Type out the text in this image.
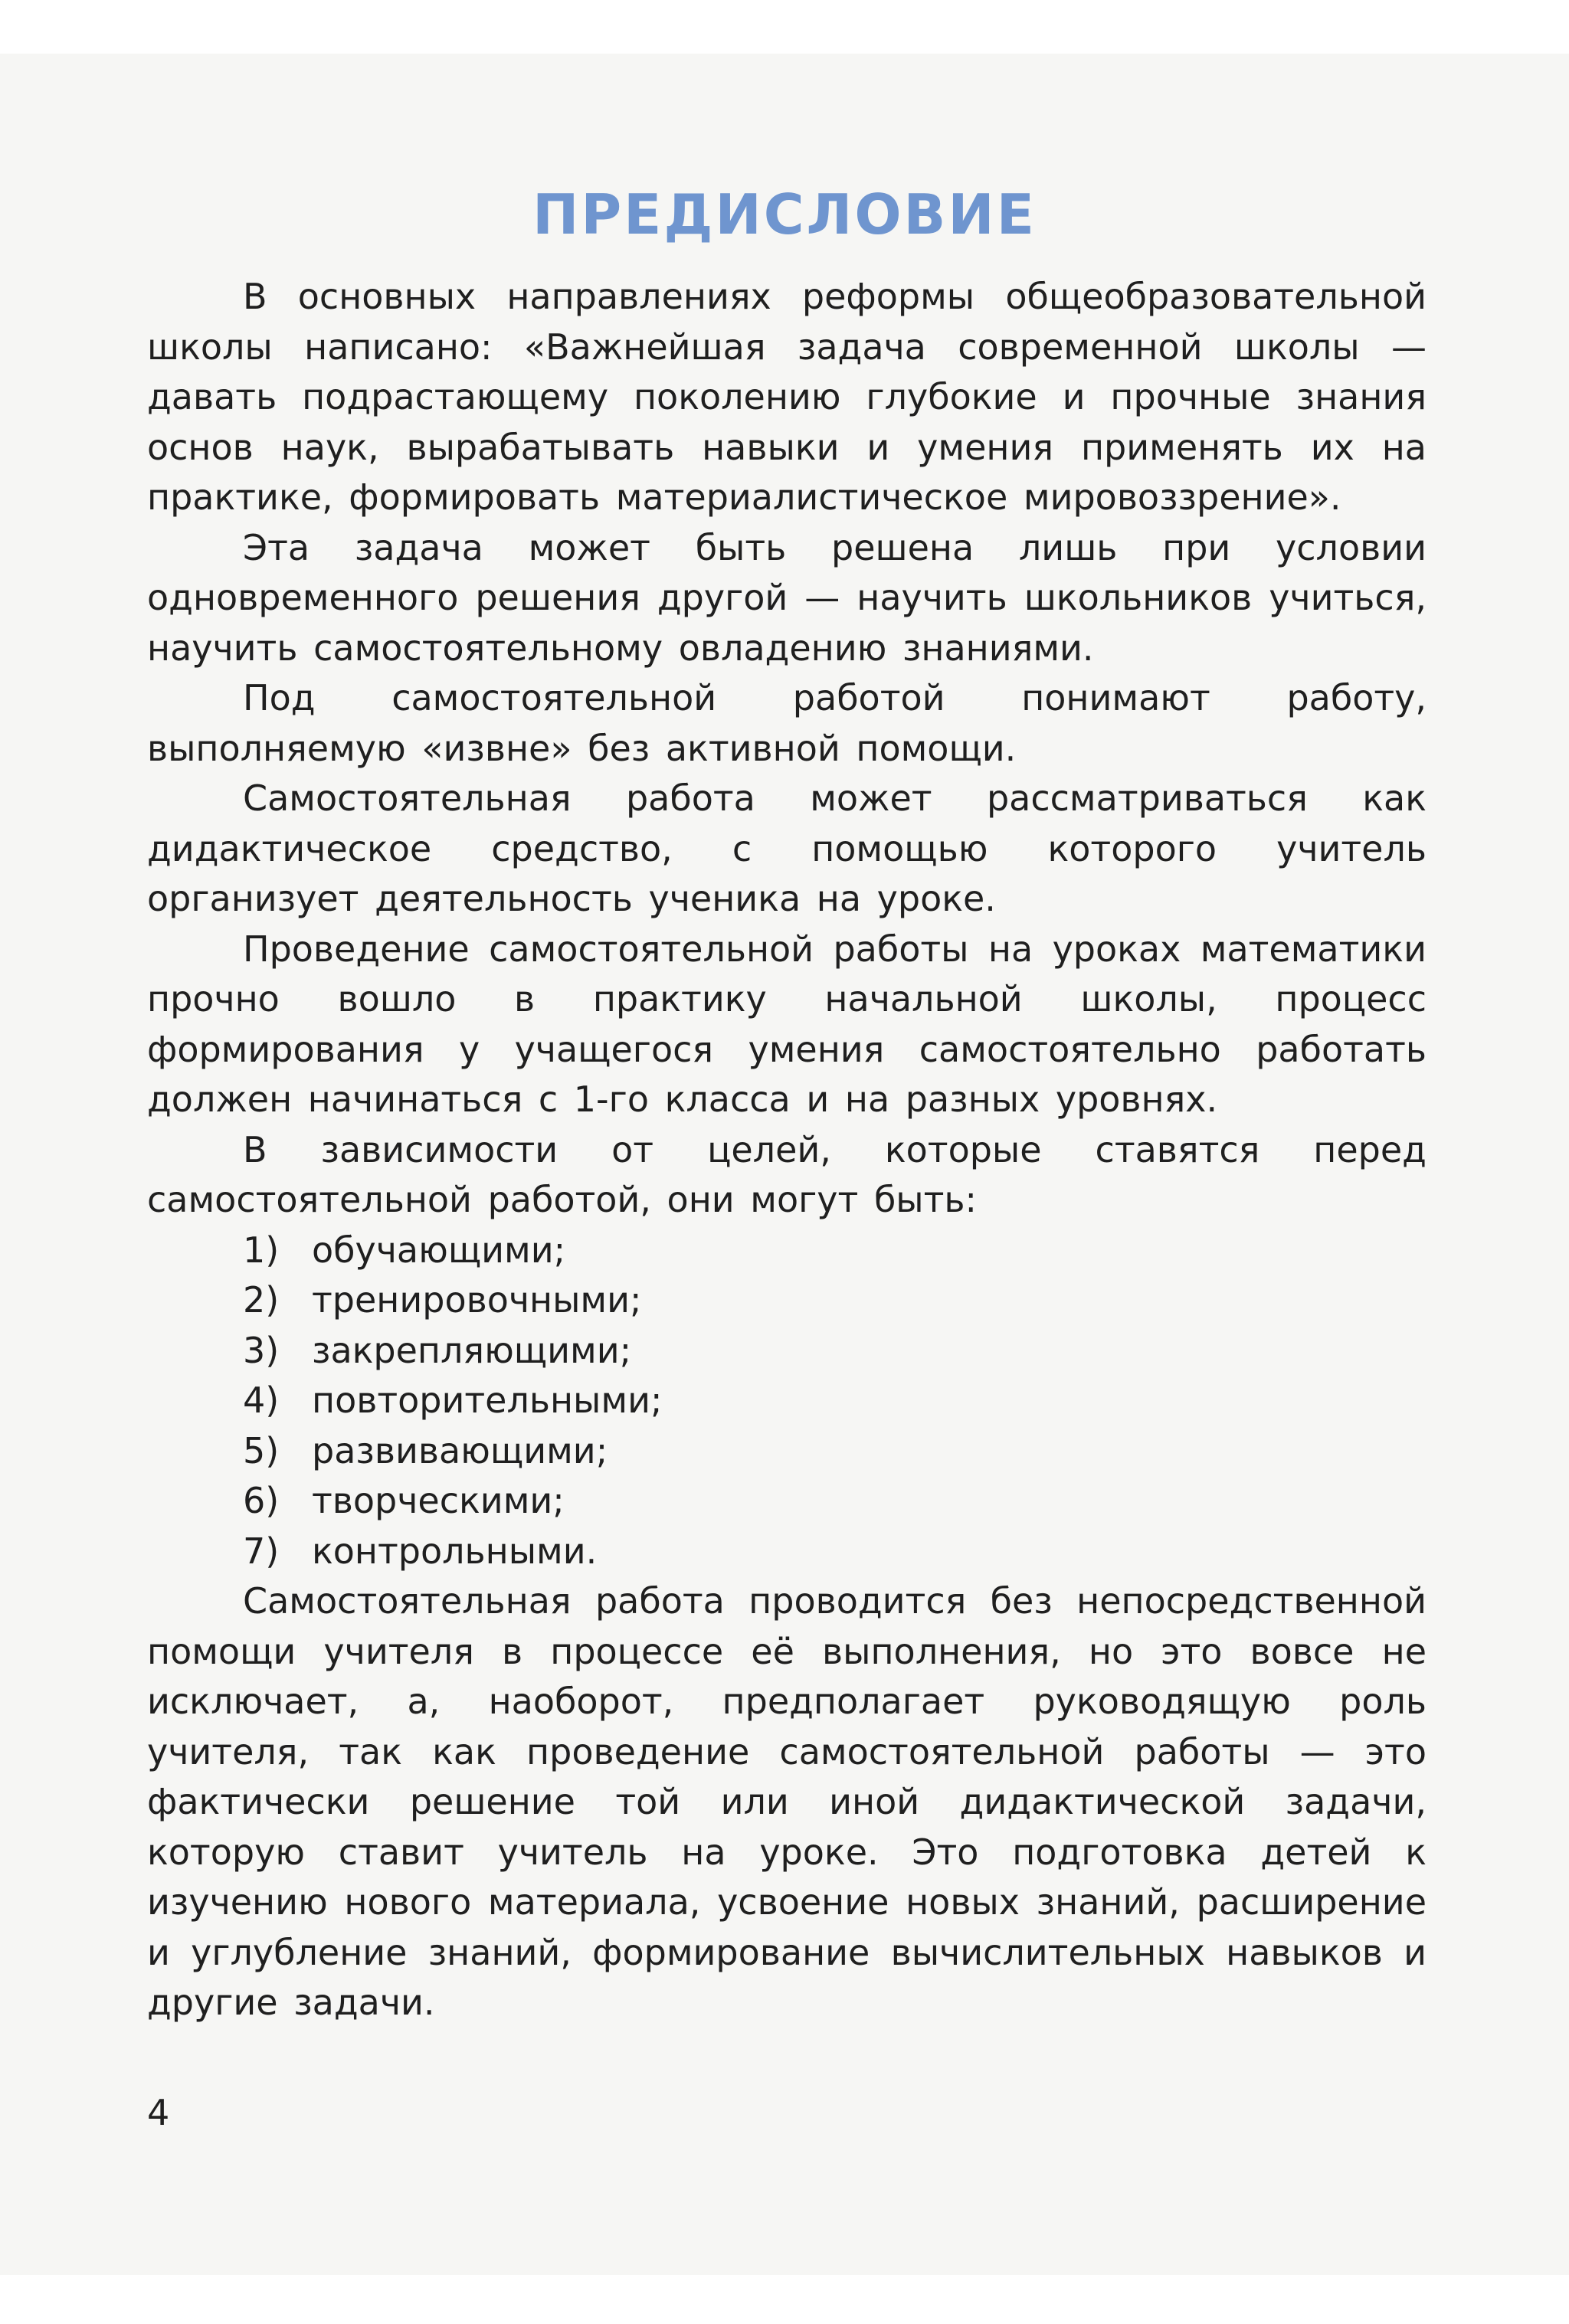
ПРЕДИСЛОВИЕ

В основных направлениях реформы общеобразовательной школы написано: «Важнейшая задача современной школы — давать подрастающему поколению глубокие и прочные знания основ наук, вырабатывать навыки и умения применять их на практике, формировать материалистическое мировоззрение».

Эта задача может быть решена лишь при условии одновременного решения другой — научить школьников учиться, научить самостоятельному овладению знаниями.

Под самостоятельной работой понимают работу, выполняемую «извне» без активной помощи.

Самостоятельная работа может рассматриваться как дидактическое средство, с помощью которого учитель организует деятельность ученика на уроке.

Проведение самостоятельной работы на уроках математики прочно вошло в практику начальной школы, процесс формирования у учащегося умения самостоятельно работать должен начинаться с 1-го класса и на разных уровнях.

В зависимости от целей, которые ставятся перед самостоятельной работой, они могут быть:

1) обучающими;
2) тренировочными;
3) закрепляющими;
4) повторительными;
5) развивающими;
6) творческими;
7) контрольными.

Самостоятельная работа проводится без непосредственной помощи учителя в процессе её выполнения, но это вовсе не исключает, а, наоборот, предполагает руководящую роль учителя, так как проведение самостоятельной работы — это фактически решение той или иной дидактической задачи, которую ставит учитель на уроке. Это подготовка детей к изучению нового материала, усвоение новых знаний, расширение и углубление знаний, формирование вычислительных навыков и другие задачи.

4
